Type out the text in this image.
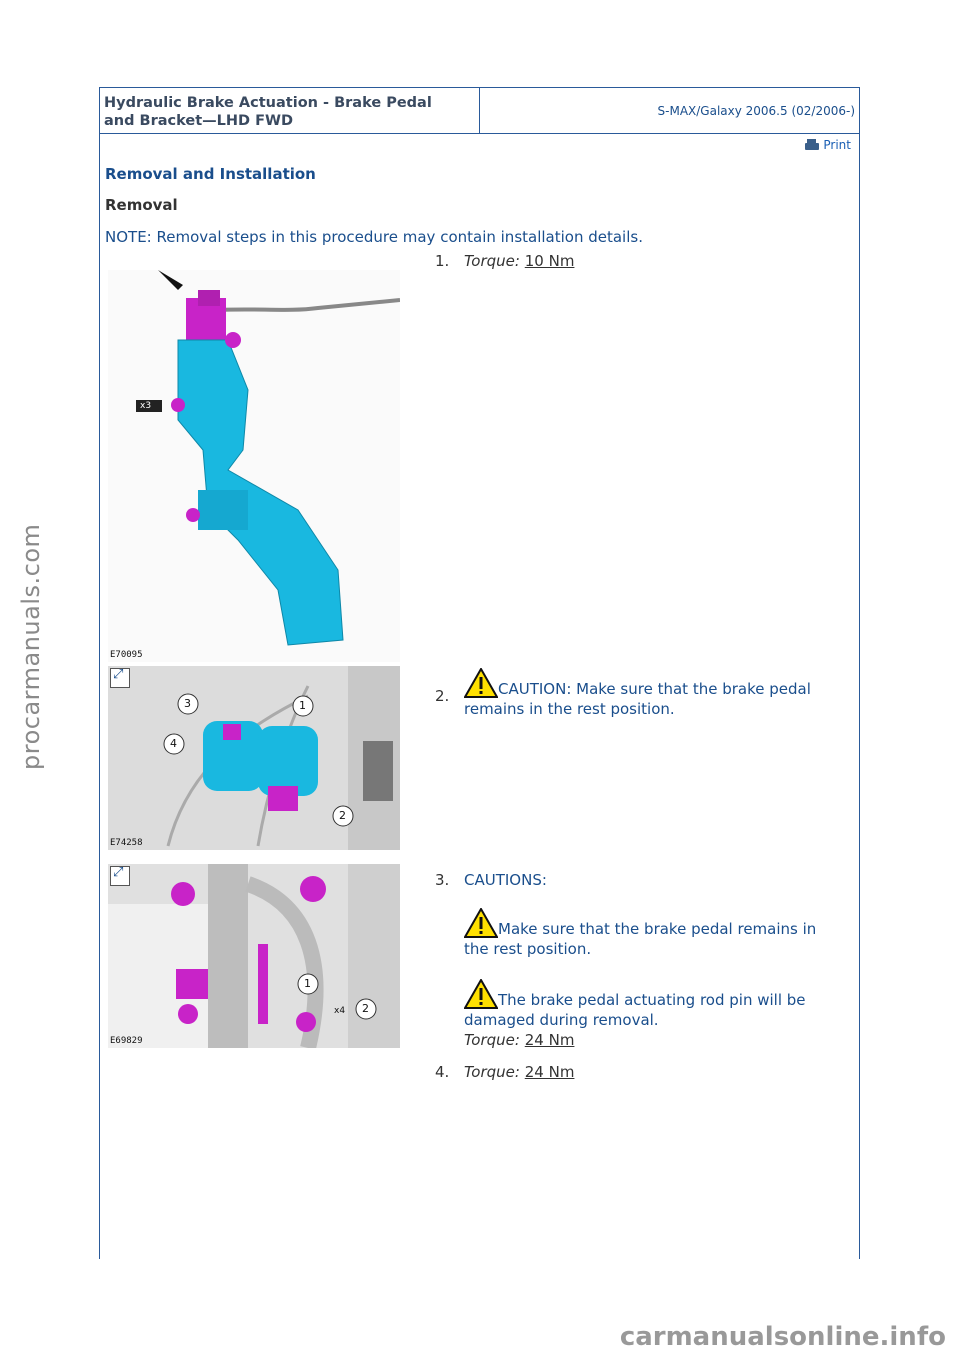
Hydraulic Brake Actuation - Brake Pedal
and Bracket—LHD FWD
S-MAX/Galaxy 2006.5 (02/2006-)
Print
Removal and Installation
Removal
NOTE: Removal steps in this procedure may contain installation details.
x3
E70095
3	1
2
4
⤢
E74258
1
2
x4
⤢
E69829
1. Torque: 10 Nm
2.	CAUTION: Make sure that the brake pedal remains in the rest position.
3. CAUTIONS:
Make sure that the brake pedal remains in the rest position.
The brake pedal actuating rod pin will be damaged during removal.
Torque: 24 Nm
4. Torque: 24 Nm
procarmanuals.com
carmanualsonline.info
